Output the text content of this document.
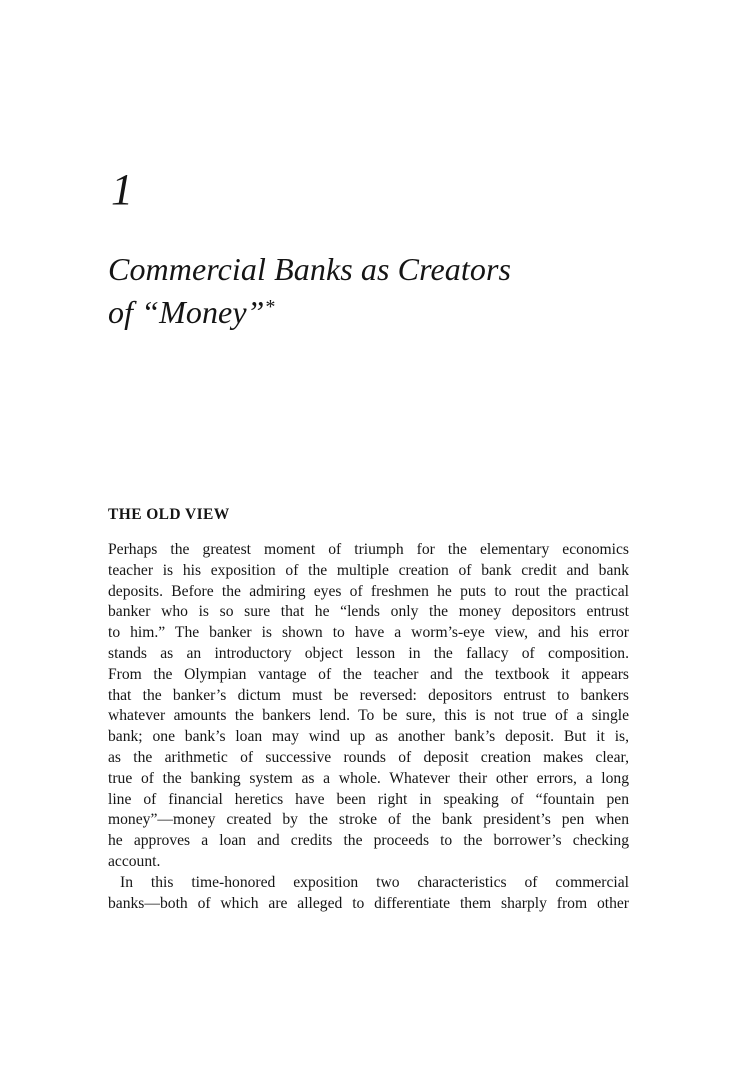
1
Commercial Banks as Creators
of “Money”*
THE OLD VIEW

Perhaps the greatest moment of triumph for the elementary economics
teacher is his exposition of the multiple creation of bank credit and bank
deposits. Before the admiring eyes of freshmen he puts to rout the practical
banker who is so sure that he “lends only the money depositors entrust
to him.” The banker is shown to have a worm’s-eye view, and his error
stands as an introductory object lesson in the fallacy of composition.
From the Olympian vantage of the teacher and the textbook it appears
that the banker’s dictum must be reversed: depositors entrust to bankers
whatever amounts the bankers lend. To be sure, this is not true of a single
bank; one bank’s loan may wind up as another bank’s deposit. But it is,
as the arithmetic of successive rounds of deposit creation makes clear,
true of the banking system as a whole. Whatever their other errors, a long
line of financial heretics have been right in speaking of “fountain pen
money”—money created by the stroke of the bank president’s pen when
he approves a loan and credits the proceeds to the borrower’s checking
account.

In this time-honored exposition two characteristics of commercial
banks—both of which are alleged to differentiate them sharply from other
